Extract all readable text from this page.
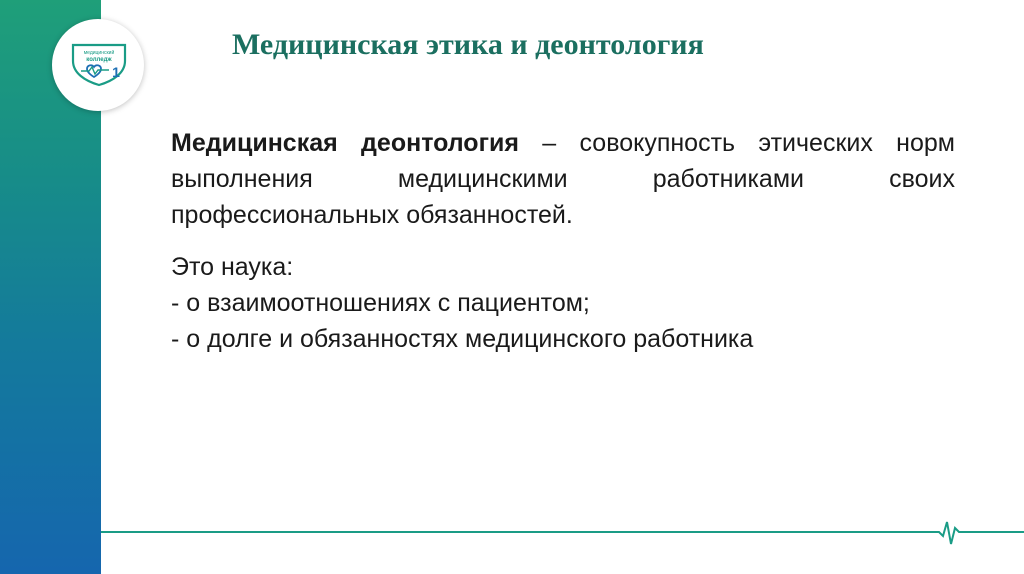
медицинский
колледж
1
Медицинская этика и деонтология

Медицинская деонтология – совокупность этических норм выполнения медицинскими работниками своих профессиональных обязанностей.

Это наука:
- о взаимоотношениях с пациентом;
- о долге и обязанностях медицинского работника
